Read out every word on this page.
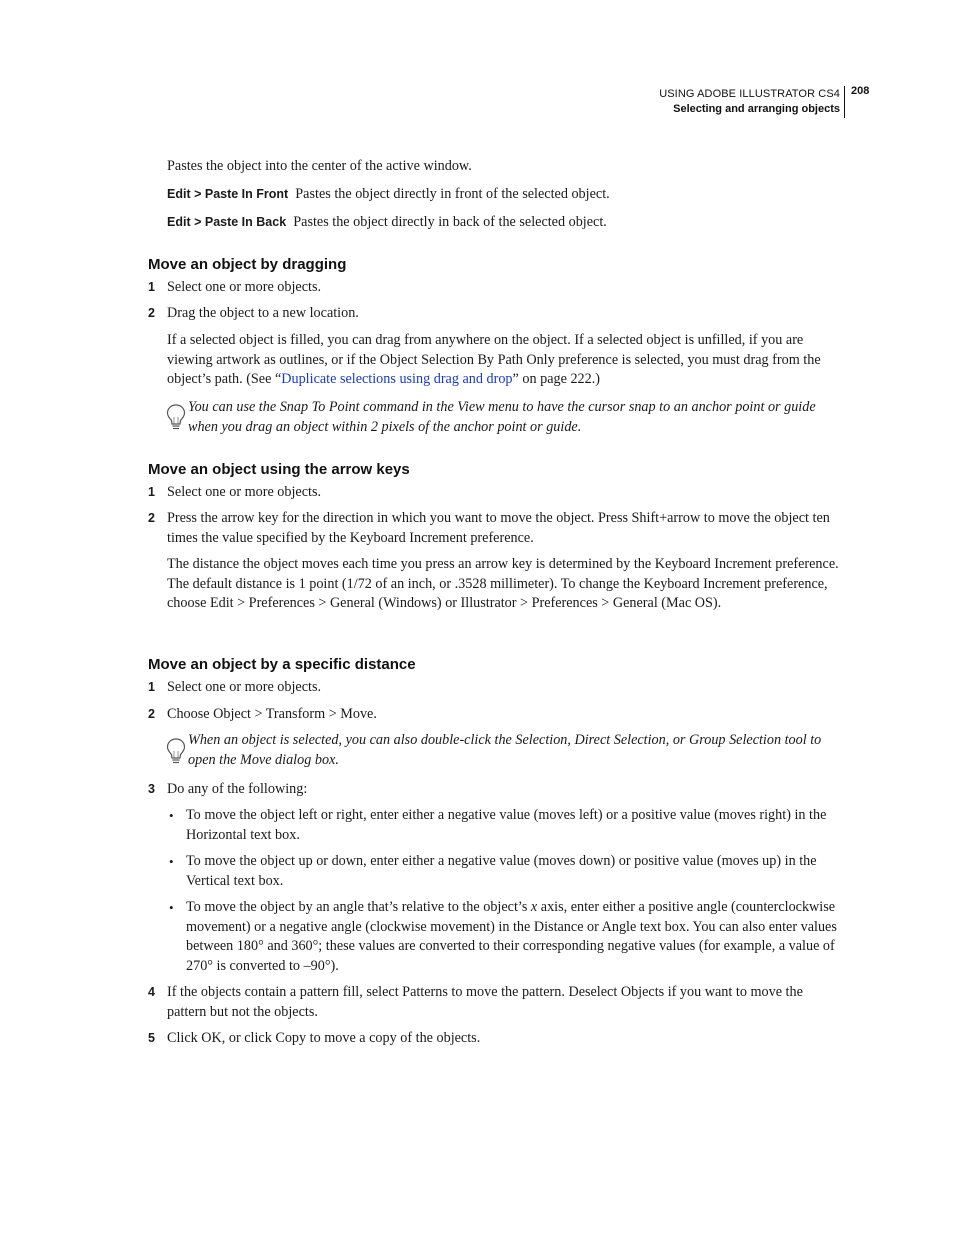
USING ADOBE ILLUSTRATOR CS4
Selecting and arranging objects
208
Pastes the object into the center of the active window.
Edit > Paste In Front Pastes the object directly in front of the selected object.
Edit > Paste In Back Pastes the object directly in back of the selected object.
Move an object by dragging
1 Select one or more objects.
2 Drag the object to a new location.
If a selected object is filled, you can drag from anywhere on the object. If a selected object is unfilled, if you are viewing artwork as outlines, or if the Object Selection By Path Only preference is selected, you must drag from the object’s path. (See “Duplicate selections using drag and drop” on page 222.)
You can use the Snap To Point command in the View menu to have the cursor snap to an anchor point or guide when you drag an object within 2 pixels of the anchor point or guide.
Move an object using the arrow keys
1 Select one or more objects.
2 Press the arrow key for the direction in which you want to move the object. Press Shift+arrow to move the object ten times the value specified by the Keyboard Increment preference.
The distance the object moves each time you press an arrow key is determined by the Keyboard Increment preference. The default distance is 1 point (1/72 of an inch, or .3528 millimeter). To change the Keyboard Increment preference, choose Edit > Preferences > General (Windows) or Illustrator > Preferences > General (Mac OS).
Move an object by a specific distance
1 Select one or more objects.
2 Choose Object > Transform > Move.
When an object is selected, you can also double-click the Selection, Direct Selection, or Group Selection tool to open the Move dialog box.
3 Do any of the following:
• To move the object left or right, enter either a negative value (moves left) or a positive value (moves right) in the Horizontal text box.
• To move the object up or down, enter either a negative value (moves down) or positive value (moves up) in the Vertical text box.
• To move the object by an angle that’s relative to the object’s x axis, enter either a positive angle (counterclockwise movement) or a negative angle (clockwise movement) in the Distance or Angle text box. You can also enter values between 180° and 360°; these values are converted to their corresponding negative values (for example, a value of 270° is converted to –90°).
4 If the objects contain a pattern fill, select Patterns to move the pattern. Deselect Objects if you want to move the pattern but not the objects.
5 Click OK, or click Copy to move a copy of the objects.
